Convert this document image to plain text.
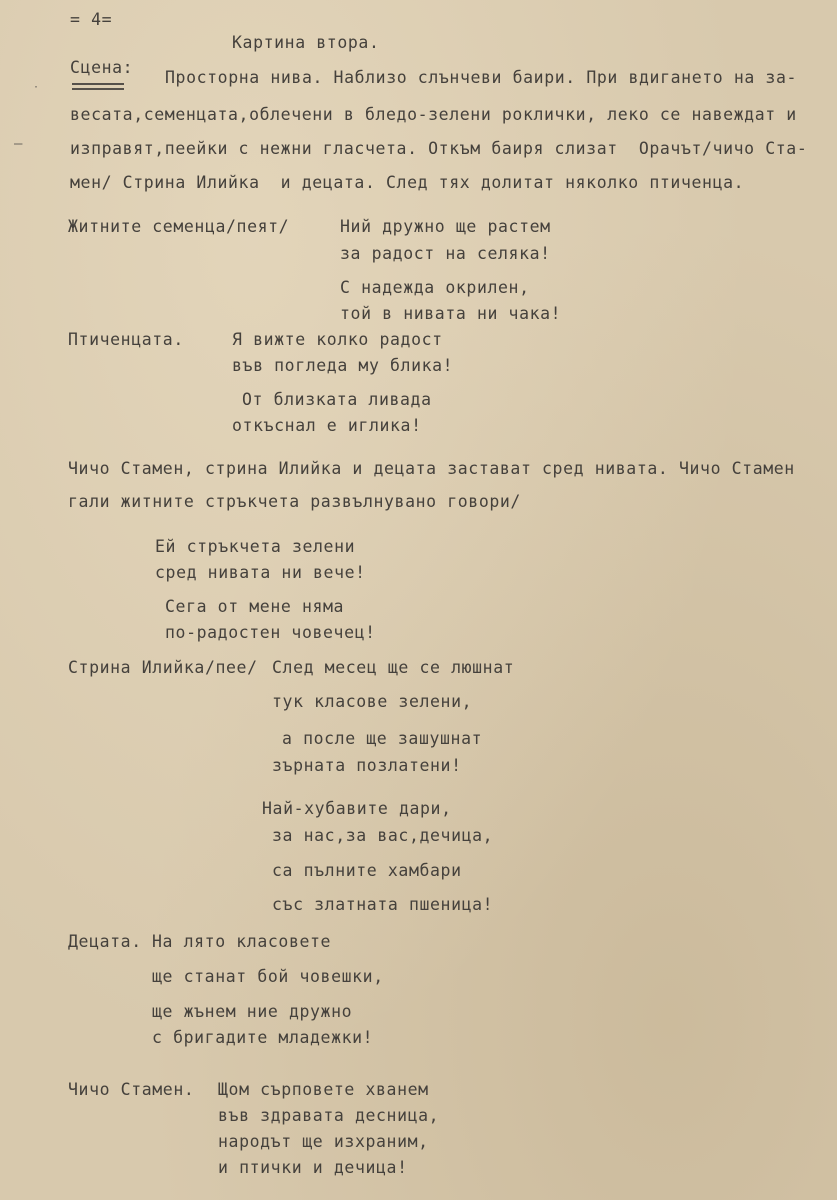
= 4=
Картина втора.
Сцена:
Просторна нива. Наблизо слънчеви баири. При вдигането на за-
весата,семенцата,облечени в бледо-зелени роклички, леко се навеждат и
изправят,пеейки с нежни гласчета. Откъм баиря слизат  Орачът/чичо Ста-
мен/ Стрина Илийка  и децата. След тях долитат няколко птиченца.
Житните семенца/пеят/	Ний дружно ще растем
за радост на селяка!
С надежда окрилен,
той в нивата ни чака!
Птиченцата.	Я вижте колко радост
във погледа му блика!
От близката ливада
откъснал е иглика!
Чичо Стамен, стрина Илийка и децата застават сред нивата. Чичо Стамен
гали житните стръкчета развълнувано говори/
Ей стръкчета зелени
сред нивата ни вече!
Сега от мене няма
по-радостен човечец!
Стрина Илийка/пее/ След месец ще се люшнат
тук класове зелени,
а после ще зашушнат
зърната позлатени!
Най-хубавите дари,
за нас,за вас,дечица,
са пълните хамбари
със златната пшеница!
Децата. На лято класовете
ще станат бой човешки,
ще жънем ние дружно
с бригадите младежки!
Чичо Стамен. Щом сърповете хванем
във здравата десница,
народът ще изхраним,
и птички и дечица!
–
·
